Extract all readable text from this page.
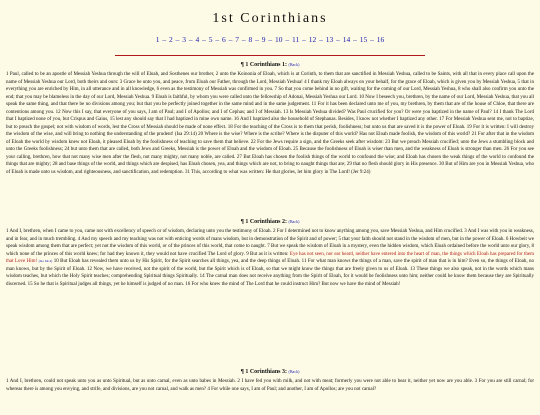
1st Corinthians
1 – 2 – 3 – 4 – 5 – 6 – 7 – 8 – 9 – 10 – 11 – 12 – 13 – 14 – 15 – 16
¶ 1 Corinthians 1: (Back)
1 Paul, called to be an apostle of Messiah Yeshua through the will of Eloah, and Sosthenes our brother, 2 unto the Koinonia of Eloah, which is at Corinth, to them that are sanctified in Messiah Yeshua, called to be Saints, with all that in every place call upon the name of Messiah Yeshua our Lord, both theirs and ours: 3 Grace be unto you, and peace, from Eloah our Father, through the Lord, Messiah Yeshua! 4 I thank my Eloah always on your behalf, for the grace of Eloah, which is given you by Messiah Yeshua, 5 that in everything you are enriched by Him, in all utterance and in all knowledge, 6 even as the testimony of Messiah was confirmed in you. 7 So that you come behind in no gift, waiting for the coming of our Lord, Messiah Yeshua, 8 who shall also confirm you unto the end; that you may be blameless in the day of our Lord, Messiah Yeshua. 9 Eloah is faithful, by whom you were called unto the fellowship of Adonai, Messiah Yeshua our Lord. 10 Now I beseech you, brethren, by the name of our Lord, Messiah Yeshua, that you all speak the same thing, and that there be no divisions among you; but that you be perfectly joined together in the same mind and in the same judgement. 11 For it has been declared unto me of you, my brethren, by them that are of the house of Chloe, that there are contentions among you. 12 Now this I say, that everyone of you says, I am of Paul; and I of Apollos; and I of Cephas; and I of Messiah. 13 Is Messiah Yeshua divided? Was Paul crucified for you? Or were you baptized in the name of Paul? 14 I thank The Lord that I baptized none of you, but Crispus and Gaius, 15 lest any should say that I had baptized in mine own name. 16 And I baptized also the household of Stephanas. Besides, I know not whether I baptized any other. 17 For Messiah Yeshua sent me, not to baptize, but to preach the gospel; not with wisdom of words, lest the Cross of Messiah should be made of none effect. 18 For the teaching of the Cross is to them that perish, foolishness; but unto us that are saved it is the power of Eloah. 19 For it is written: I will destroy the wisdom of the wise, and will bring to nothing the understanding of the prudent! (Isa 29:14) 20 Where is the wise? Where is the scribe? Where is the disputer of this world? Has not Eloah made foolish, the wisdom of this world? 21 For after that in the wisdom of Eloah the world by wisdom knew not Eloah, it pleased Eloah by the foolishness of teaching to save them that believe. 22 For the Jews require a sign, and the Greeks seek after wisdom: 23 But we preach Messiah crucified; unto the Jews a stumbling block and unto the Greeks foolishness; 24 but unto them that are called, both Jews and Greeks, Messiah is the power of Eloah and the wisdom of Eloah. 25 Because the foolishness of Eloah is wiser than men, and the weakness of Eloah is stronger than men. 26 For you see your calling, brethren, how that not many wise men after the flesh, not many mighty, not many noble, are called. 27 But Eloah has chosen the foolish things of the world to confound the wise; and Eloah has chosen the weak things of the world to confound the things that are mighty; 28 and base things of the world, and things which are despised, has Eloah chosen, yea, and things which are not, to bring to naught things that are; 29 that no flesh should glory in His presence. 30 But of Him are you in Messiah Yeshua, who of Eloah is made unto us wisdom, and righteousness, and sanctification, and redemption. 31 This, according to what was written: He that glories, let him glory in The Lord! (Jer 9:24)
¶ 1 Corinthians 2: (Back)
1 And I, brethren, when I came to you, came not with excellency of speech or of wisdom, declaring unto you the testimony of Eloah. 2 For I determined not to know anything among you, save Messiah Yeshua, and Him crucified. 3 And I was with you in weakness, and in fear, and in much trembling. 4 And my speech and my teaching was not with enticing words of mans wisdom, but in demonstration of the Spirit and of power; 5 that your faith should not stand in the wisdom of men, but in the power of Eloah. 6 Howbeit we speak wisdom among them that are perfect; yet not the wisdom of this world, or of the princes of this world, that come to naught. 7 But we speak the wisdom of Eloah in a mystery, even the hidden wisdom, which Eloah ordained before the world unto our glory, 8 which none of the princes of this world knew; for had they known it, they would not have crucified The Lord of glory. 9 But as it is written: Eye has not seen, nor ear heard, neither have entered into the heart of man, the things which Eloah has prepared for them that Love Him! (Isa 64:4) 10 But Eloah has revealed them unto us by His Spirit, for the Spirit searches all things, yea, and the deep things of Eloah. 11 For what man knows the things of a man, save the spirit of man that is in him? Even so, the things of Eloah, no man knows, but by the Spirit of Eloah. 12 Now, we have received, not the spirit of the world, but the Spirit which is of Eloah, so that we might know the things that are freely given to us of Eloah. 13 These things we also speak, not in the words which mans wisdom teaches, but which the Holy Spirit teaches; comprehending Spiritual things Spiritually. 14 The carnal man does not receive anything from the Spirit of Eloah, for it would be foolishness unto him; neither could he know them because they are Spiritually discerned. 15 So he that is Spiritual judges all things, yet he himself is judged of no man. 16 For who knew the mind of The Lord that he could instruct Him? But now we have the mind of Messiah!
¶ 1 Corinthians 3: (Back)
1 And I, brethren, could not speak unto you as unto Spiritual, but as unto carnal, even as unto babes in Messiah. 2 I have fed you with milk, and not with meat; formerly you were not able to bear it, neither yet now are you able. 3 For you are still carnal; for whereas there is among you envying, and strife, and divisions, are you not carnal, and walk as men? 4 For while one says, I am of Paul; and another, I am of Apollos; are you not carnal?
